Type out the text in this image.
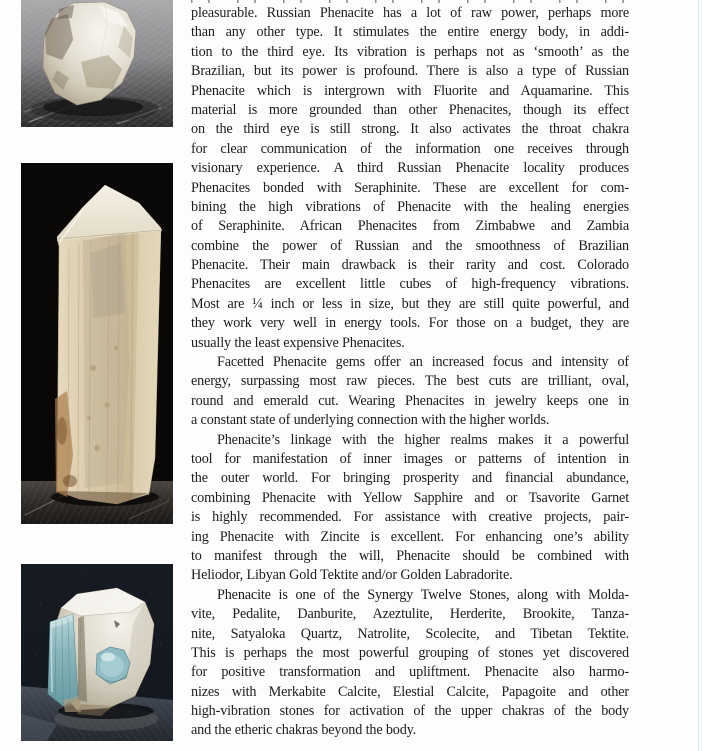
pleasurable. Russian Phenacite has a lot of raw power, perhaps more
than any other type. It stimulates the entire energy body, in addi-
tion to the third eye. Its vibration is perhaps not as ‘smooth’ as the
Brazilian, but its power is profound. There is also a type of Russian
Phenacite which is intergrown with Fluorite and Aquamarine. This
material is more grounded than other Phenacites, though its effect
on the third eye is still strong. It also activates the throat chakra
for clear communication of the information one receives through
visionary experience. A third Russian Phenacite locality produces
Phenacites bonded with Seraphinite. These are excellent for com-
bining the high vibrations of Phenacite with the healing energies
of Seraphinite. African Phenacites from Zimbabwe and Zambia
combine the power of Russian and the smoothness of Brazilian
Phenacite. Their main drawback is their rarity and cost. Colorado
Phenacites are excellent little cubes of high-frequency vibrations.
Most are ¼ inch or less in size, but they are still quite powerful, and
they work very well in energy tools. For those on a budget, they are
usually the least expensive Phenacites.
Facetted Phenacite gems offer an increased focus and intensity of
energy, surpassing most raw pieces. The best cuts are trilliant, oval,
round and emerald cut. Wearing Phenacites in jewelry keeps one in
a constant state of underlying connection with the higher worlds.
Phenacite’s linkage with the higher realms makes it a powerful
tool for manifestation of inner images or patterns of intention in
the outer world. For bringing prosperity and financial abundance,
combining Phenacite with Yellow Sapphire and or Tsavorite Garnet
is highly recommended. For assistance with creative projects, pair-
ing Phenacite with Zincite is excellent. For enhancing one’s ability
to manifest through the will, Phenacite should be combined with
Heliodor, Libyan Gold Tektite and/or Golden Labradorite.
Phenacite is one of the Synergy Twelve Stones, along with Molda-
vite, Pedalite, Danburite, Azeztulite, Herderite, Brookite, Tanza-
nite, Satyaloka Quartz, Natrolite, Scolecite, and Tibetan Tektite.
This is perhaps the most powerful grouping of stones yet discovered
for positive transformation and upliftment. Phenacite also harmo-
nizes with Merkabite Calcite, Elestial Calcite, Papagoite and other
high-vibration stones for activation of the upper chakras of the body
and the etheric chakras beyond the body.
